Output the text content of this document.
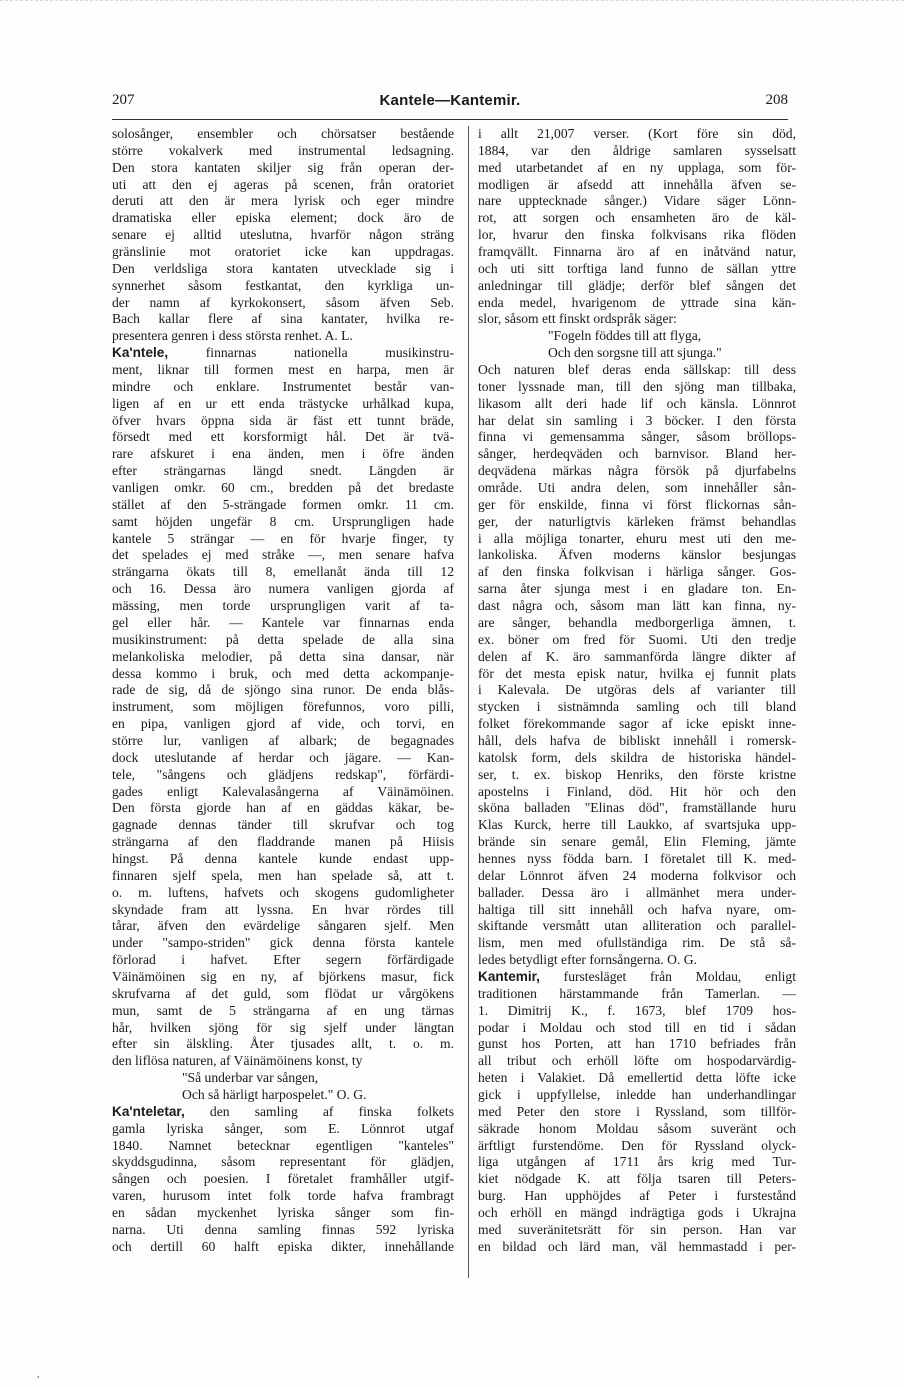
207	Kantele—Kantemir.	208
solosånger, ensembler och chörsatser bestående
större vokalverk med instrumental ledsagning.
Den stora kantaten skiljer sig från operan der-
uti att den ej ageras på scenen, från oratoriet
deruti att den är mera lyrisk och eger mindre
dramatiska eller episka element; dock äro de
senare ej alltid uteslutna, hvarför någon sträng
gränslinie mot oratoriet icke kan uppdragas.
Den verldsliga stora kantaten utvecklade sig i
synnerhet såsom festkantat, den kyrkliga un-
der namn af kyrkokonsert, såsom äfven Seb.
Bach kallar flere af sina kantater, hvilka re-
presentera genren i dess största renhet. A. L.
Ka'ntele, finnarnas nationella musikinstru-
ment, liknar till formen mest en harpa, men är
mindre och enklare. Instrumentet består van-
ligen af en ur ett enda trästycke urhålkad kupa,
öfver hvars öppna sida är fäst ett tunnt bräde,
försedt med ett korsformigt hål. Det är tvä-
rare afskuret i ena änden, men i öfre änden
efter strängarnas längd snedt. Längden är
vanligen omkr. 60 cm., bredden på det bredaste
stället af den 5-strängade formen omkr. 11 cm.
samt höjden ungefär 8 cm. Ursprungligen hade
kantele 5 strängar — en för hvarje finger, ty
det spelades ej med stråke —, men senare hafva
strängarna ökats till 8, emellanåt ända till 12
och 16. Dessa äro numera vanligen gjorda af
mässing, men torde ursprungligen varit af ta-
gel eller hår. — Kantele var finnarnas enda
musikinstrument: på detta spelade de alla sina
melankoliska melodier, på detta sina dansar, när
dessa kommo i bruk, och med detta ackompanje-
rade de sig, då de sjöngo sina runor. De enda blås-
instrument, som möjligen förefunnos, voro pilli,
en pipa, vanligen gjord af vide, och torvi, en
större lur, vanligen af albark; de begagnades
dock uteslutande af herdar och jägare. — Kan-
tele, "sångens och glädjens redskap", förfärdi-
gades enligt Kalevalasångerna af Väinämöinen.
Den första gjorde han af en gäddas käkar, be-
gagnade dennas tänder till skrufvar och tog
strängarna af den fladdrande manen på Hiisis
hingst. På denna kantele kunde endast upp-
finnaren sjelf spela, men han spelade så, att t.
o. m. luftens, hafvets och skogens gudomligheter
skyndade fram att lyssna. En hvar rördes till
tårar, äfven den evärdelige sångaren sjelf. Men
under "sampo-striden" gick denna första kantele
förlorad i hafvet. Efter segern förfärdigade
Väinämöinen sig en ny, af björkens masur, fick
skrufvarna af det guld, som flödat ur vårgökens
mun, samt de 5 strängarna af en ung tärnas
hår, hvilken sjöng för sig sjelf under längtan
efter sin älskling. Åter tjusades allt, t. o. m.
den liflösa naturen, af Väinämöinens konst, ty
"Så underbar var sången,
Och så härligt harpospelet." O. G.
Ka'nteletar, den samling af finska folkets
gamla lyriska sånger, som E. Lönnrot utgaf
1840. Namnet betecknar egentligen "kanteles"
skyddsgudinna, såsom representant för glädjen,
sången och poesien. I företalet framhåller utgif-
varen, hurusom intet folk torde hafva frambragt
en sådan myckenhet lyriska sånger som fin-
narna. Uti denna samling finnas 592 lyriska
och dertill 60 halft episka dikter, innehållande
i allt 21,007 verser. (Kort före sin död,
1884, var den åldrige samlaren sysselsatt
med utarbetandet af en ny upplaga, som för-
modligen är afsedd att innehålla äfven se-
nare upptecknade sånger.) Vidare säger Lönn-
rot, att sorgen och ensamheten äro de käl-
lor, hvarur den finska folkvisans rika flöden
framqvällt. Finnarna äro af en inåtvänd natur,
och uti sitt torftiga land funno de sällan yttre
anledningar till glädje; derför blef sången det
enda medel, hvarigenom de yttrade sina kän-
slor, såsom ett finskt ordspråk säger:
"Fogeln föddes till att flyga,
Och den sorgsne till att sjunga."
Och naturen blef deras enda sällskap: till dess
toner lyssnade man, till den sjöng man tillbaka,
likasom allt deri hade lif och känsla. Lönnrot
har delat sin samling i 3 böcker. I den första
finna vi gemensamma sånger, såsom bröllops-
sånger, herdeqväden och barnvisor. Bland her-
deqvädena märkas några försök på djurfabelns
område. Uti andra delen, som innehåller sån-
ger för enskilde, finna vi först flickornas sån-
ger, der naturligtvis kärleken främst behandlas
i alla möjliga tonarter, ehuru mest uti den me-
lankoliska. Äfven moderns känslor besjungas
af den finska folkvisan i härliga sånger. Gos-
sarna åter sjunga mest i en gladare ton. En-
dast några och, såsom man lätt kan finna, ny-
are sånger, behandla medborgerliga ämnen, t.
ex. böner om fred för Suomi. Uti den tredje
delen af K. äro sammanförda längre dikter af
för det mesta episk natur, hvilka ej funnit plats
i Kalevala. De utgöras dels af varianter till
stycken i sistnämnda samling och till bland
folket förekommande sagor af icke episkt inne-
håll, dels hafva de bibliskt innehåll i romersk-
katolsk form, dels skildra de historiska händel-
ser, t. ex. biskop Henriks, den förste kristne
apostelns i Finland, död. Hit hör och den
sköna balladen "Elinas död", framställande huru
Klas Kurck, herre till Laukko, af svartsjuka upp-
brände sin senare gemål, Elin Fleming, jämte
hennes nyss födda barn. I företalet till K. med-
delar Lönnrot äfven 24 moderna folkvisor och
ballader. Dessa äro i allmänhet mera under-
haltiga till sitt innehåll och hafva nyare, om-
skiftande versmått utan alliteration och parallel-
lism, men med ofullständiga rim. De stå så-
ledes betydligt efter fornsångerna. O. G.
Kantemir, furstesläget från Moldau, enligt
traditionen härstammande från Tamerlan. —
1. Dimitrij K., f. 1673, blef 1709 hos-
podar i Moldau och stod till en tid i sådan
gunst hos Porten, att han 1710 befriades från
all tribut och erhöll löfte om hospodarvärdig-
heten i Valakiet. Då emellertid detta löfte icke
gick i uppfyllelse, inledde han underhandlingar
med Peter den store i Ryssland, som tillför-
säkrade honom Moldau såsom suveränt och
ärftligt furstendöme. Den för Ryssland olyck-
liga utgången af 1711 års krig med Tur-
kiet nödgade K. att följa tsaren till Peters-
burg. Han upphöjdes af Peter i furstestånd
och erhöll en mängd indrägtiga gods i Ukrajna
med suveränitetsrätt för sin person. Han var
en bildad och lärd man, väl hemmastadd i per-
,
